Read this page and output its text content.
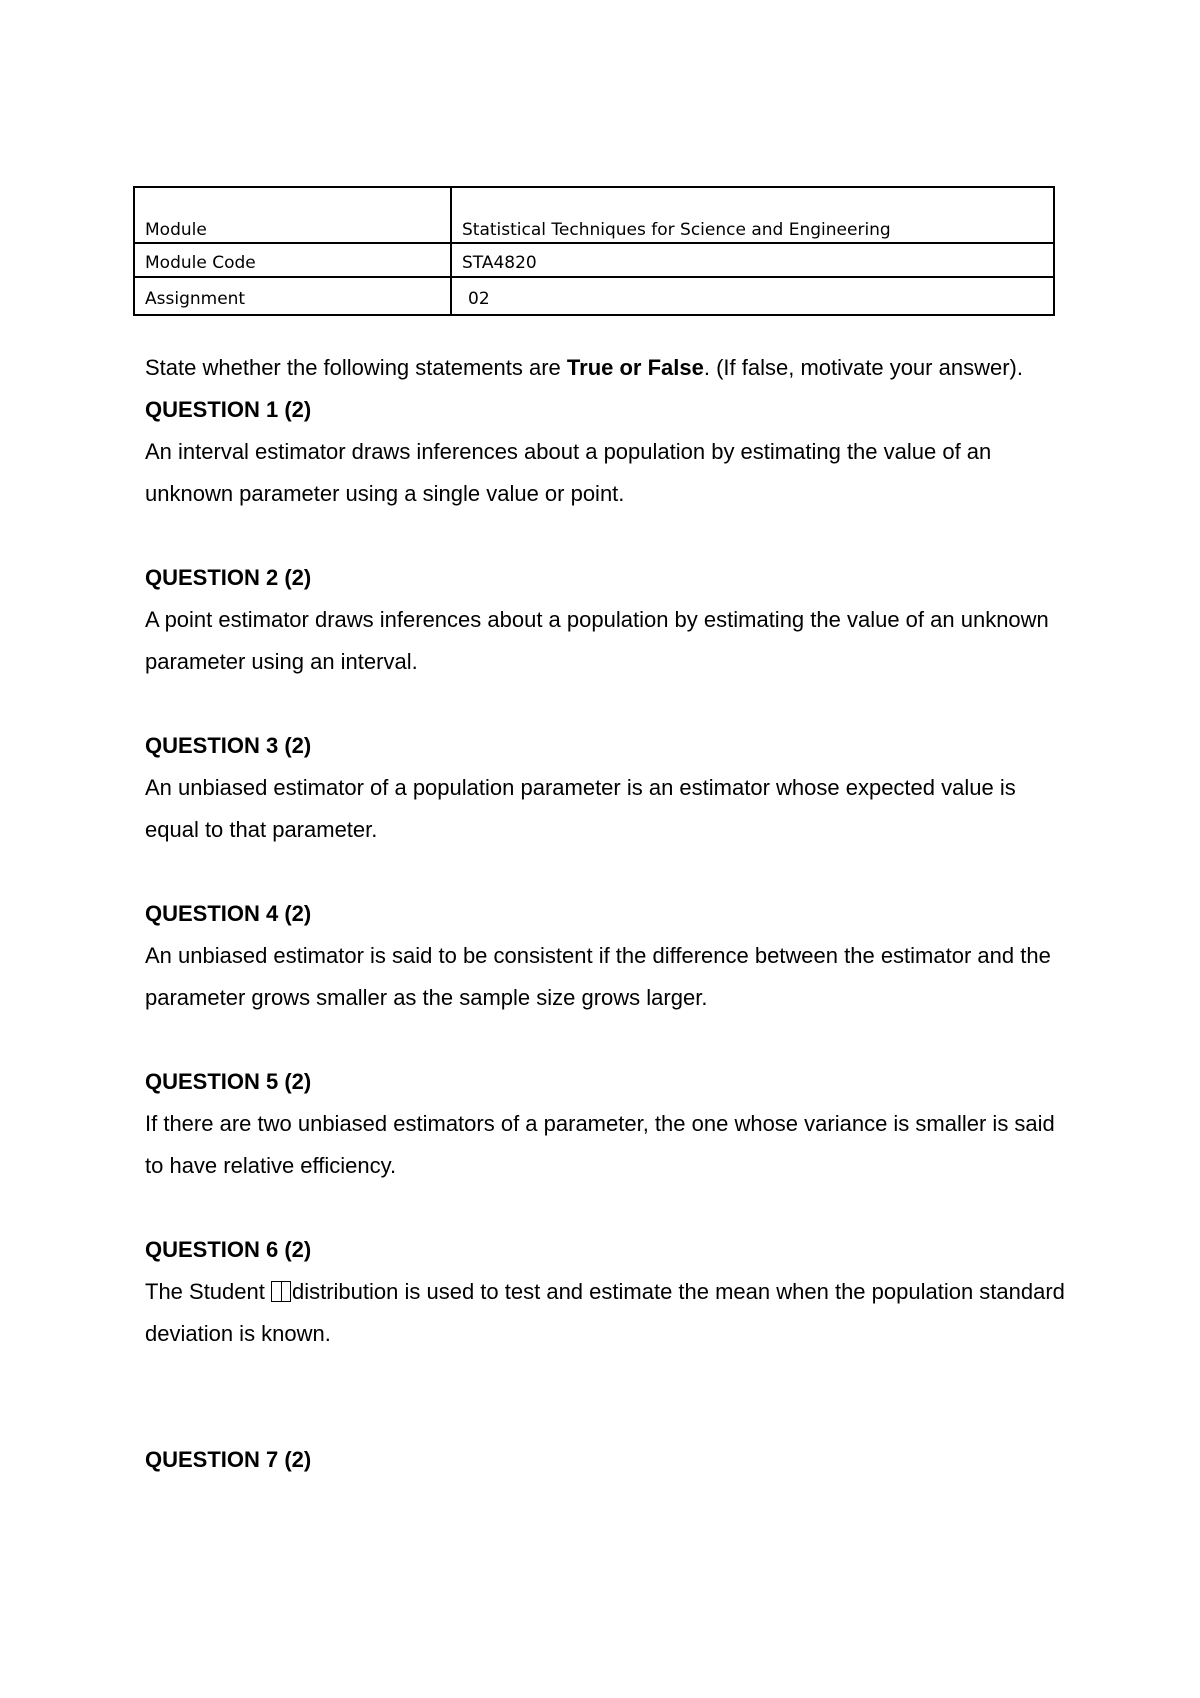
Module	Statistical Techniques for Science and Engineering
Module Code	STA4820
Assignment	02

State whether the following statements are True or False. (If false, motivate your answer).

QUESTION 1 (2)

An interval estimator draws inferences about a population by estimating the value of an unknown parameter using a single value or point.

QUESTION 2 (2)

A point estimator draws inferences about a population by estimating the value of an unknown parameter using an interval.

QUESTION 3 (2)

An unbiased estimator of a population parameter is an estimator whose expected value is equal to that parameter.

QUESTION 4 (2)

An unbiased estimator is said to be consistent if the difference between the estimator and the parameter grows smaller as the sample size grows larger.

QUESTION 5 (2)

If there are two unbiased estimators of a parameter, the one whose variance is smaller is said to have relative efficiency.

QUESTION 6 (2)

The Student distribution is used to test and estimate the mean when the population standard deviation is known.

QUESTION 7 (2)
